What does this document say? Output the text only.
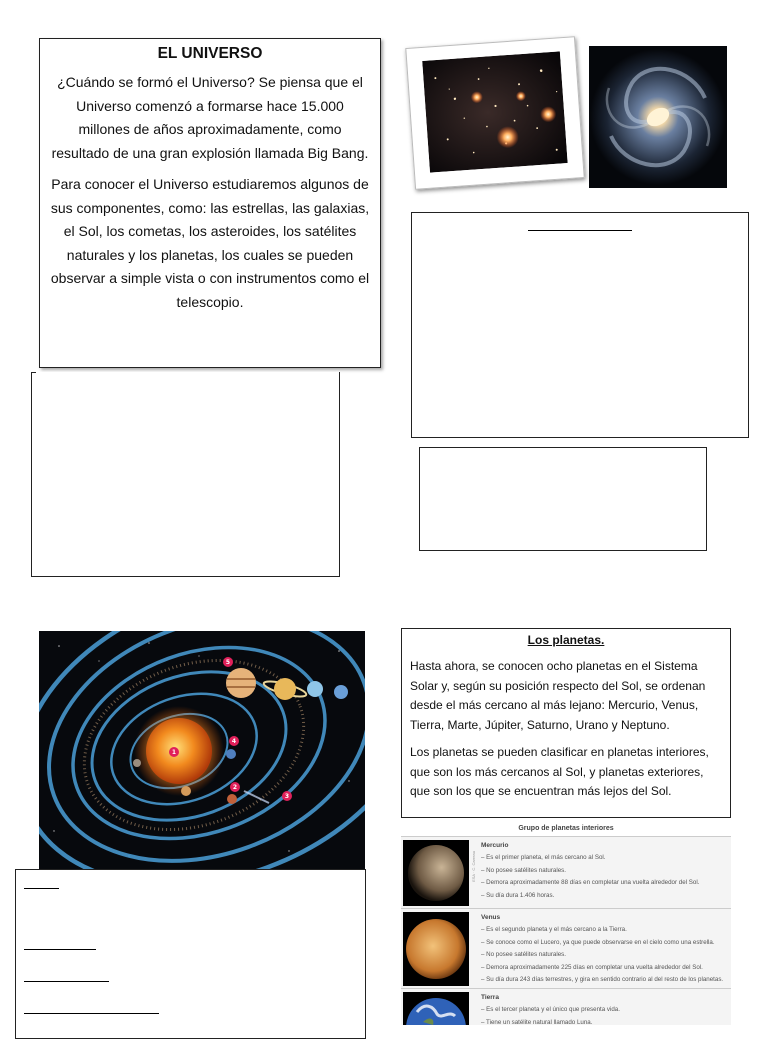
EL UNIVERSO

¿Cuándo se formó el Universo? Se piensa que el Universo comenzó a formarse hace 15.000 millones de años aproximadamente, como resultado de una gran explosión llamada Big Bang.

Para conocer el Universo estudiaremos algunos de sus componentes, como: las estrellas, las galaxias, el Sol, los cometas, los asteroides, los satélites naturales y los planetas, los cuales se pueden observar a simple vista o con instrumentos como el telescopio.

1
2
3
4
5
Los planetas.

Hasta ahora, se conocen ocho planetas en el Sistema Solar y, según su posición respecto del Sol, se ordenan desde el más cercano al más lejano: Mercurio, Venus, Tierra, Marte, Júpiter, Saturno, Urano y Neptuno.

Los planetas se pueden clasificar en planetas interiores, que son los más cercanos al Sol, y planetas exteriores, que son los que se encuentran más lejos del Sol.

Grupo de planetas interiores
ESA · C. Carreau
Mercurio
– Es el primer planeta, el más cercano al Sol.
– No posee satélites naturales.
– Demora aproximadamente 88 días en completar una vuelta alrededor del Sol.
– Su día dura 1.406 horas.
Venus
– Es el segundo planeta y el más cercano a la Tierra.
– Se conoce como el Lucero, ya que puede observarse en el cielo como una estrella.
– No posee satélites naturales.
– Demora aproximadamente 225 días en completar una vuelta alrededor del Sol.
– Su día dura 243 días terrestres, y gira en sentido contrario al del resto de los planetas.
Tierra
– Es el tercer planeta y el único que presenta vida.
– Tiene un satélite natural llamado Luna.
